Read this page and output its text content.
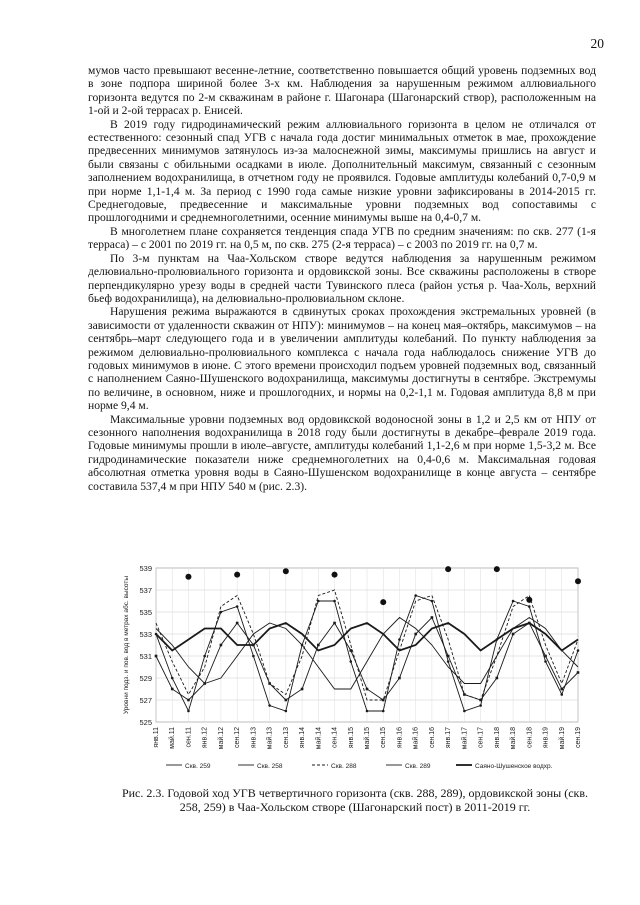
20

мумов часто превышают весенне-летние, соответственно повышается общий уровень подземных вод в зоне подпора шириной более 3-х км. Наблюдения за нарушенным режимом аллювиального горизонта ведутся по 2-м скважинам в районе г. Шагонара (Шагонарский створ), расположенным на 1-ой и 2-ой террасах р. Енисей.

В 2019 году гидродинамический режим аллювиального горизонта в целом не отличался от естественного: сезонный спад УГВ с начала года достиг минимальных отметок в мае, прохождение предвесенних минимумов затянулось из-за малоснежной зимы, максимумы пришлись на август и были связаны с обильными осадками в июле. Дополнительный максимум, связанный с сезонным заполнением водохранилища, в отчетном году не проявился. Годовые амплитуды колебаний 0,7-0,9 м при норме 1,1-1,4 м. За период с 1990 года самые низкие уровни зафиксированы в 2014-2015 гг. Среднегодовые, предвесенние и максимальные уровни подземных вод сопоставимы с прошлогодними и среднемноголетними, осенние минимумы выше на 0,4-0,7 м.

В многолетнем плане сохраняется тенденция спада УГВ по средним значениям: по скв. 277 (1-я терраса) – с 2001 по 2019 гг. на 0,5 м, по скв. 275 (2-я терраса) – с 2003 по 2019 гг. на 0,7 м.

По 3-м пунктам на Чаа-Хольском створе ведутся наблюдения за нарушенным режимом делювиально-пролювиального горизонта и ордовикской зоны. Все скважины расположены в створе перпендикулярно урезу воды в средней части Тувинского плеса (район устья р. Чаа-Холь, верхний бьеф водохранилища), на делювиально-пролювиальном склоне.

Нарушения режима выражаются в сдвинутых сроках прохождения экстремальных уровней (в зависимости от удаленности скважин от НПУ): минимумов – на конец мая–октябрь, максимумов – на сентябрь–март следующего года и в увеличении амплитуды колебаний. По пункту наблюдения за режимом делювиально-пролювиального комплекса с начала года наблюдалось снижение УГВ до годовых минимумов в июне. С этого времени происходил подъем уровней подземных вод, связанный с наполнением Саяно-Шушенского водохранилища, максимумы достигнуты в сентябре. Экстремумы по величине, в основном, ниже и прошлогодних, и нормы на 0,2-1,1 м. Годовая амплитуда 8,8 м при норме 9,4 м.

Максимальные уровни подземных вод ордовикской водоносной зоны в 1,2 и 2,5 км от НПУ от сезонного наполнения водохранилища в 2018 году были достигнуты в декабре–феврале 2019 года. Годовые минимумы прошли в июле–августе, амплитуды колебаний 1,1-2,6 м при норме 1,5-3,2 м. Все гидродинамические показатели ниже среднемноголетних на 0,4-0,6 м. Максимальная годовая абсолютная отметка уровня воды в Саяно-Шушенском водохранилище в конце августа – сентябре составила 537,4 м при НПУ 540 м (рис. 2.3).

525
527
529
531
533
535
537
539
янв.11 май.11 сен.11 янв.12 май.12 сен.12 янв.13 май.13 сен.13 янв.14 май.14 сен.14 янв.15 май.15 сен.15 янв.16 май.16 сен.16 янв.17 май.17 сен.17 янв.18 май.18 сен.18 янв.19 май.19 сен.19
Уровни подз. и пов. вод в метрах абс. высоты
Скв. 259	Скв. 258	Скв. 288	Скв. 289	Саяно-Шушенское водхр.
Рис. 2.3. Годовой ход УГВ четвертичного горизонта (скв. 288, 289), ордовикской зоны (скв. 258, 259) в Чаа-Хольском створе (Шагонарский пост) в 2011-2019 гг.
